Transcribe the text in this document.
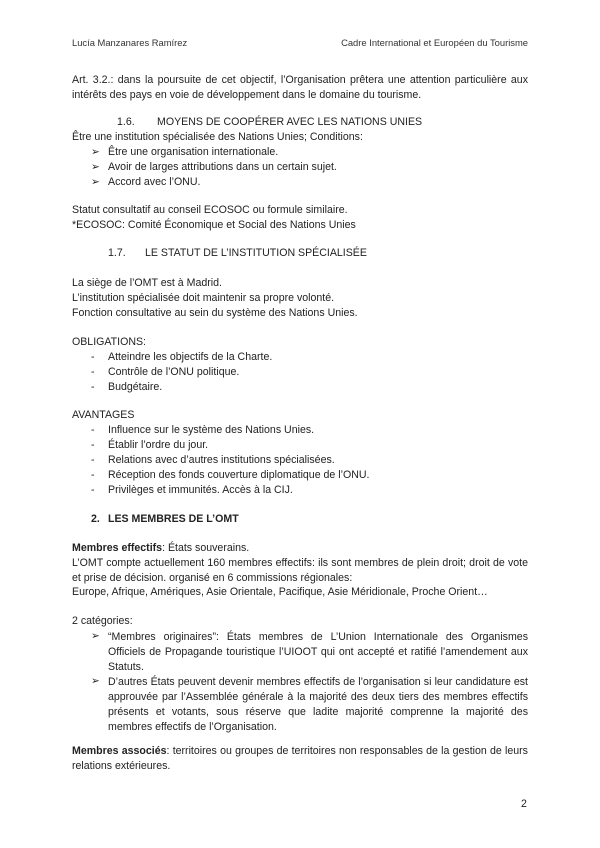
Lucía Manzanares Ramírez	Cadre International et Européen du Tourisme
Art. 3.2.: dans la poursuite de cet objectif, l’Organisation prêtera une attention particulière aux intérêts des pays en voie de développement dans le domaine du tourisme.
1.6. MOYENS DE COOPÉRER AVEC LES NATIONS UNIES
Être une institution spécialisée des Nations Unies; Conditions:
➢ Être une organisation internationale.
➢ Avoir de larges attributions dans un certain sujet.
➢ Accord avec l’ONU.
Statut consultatif au conseil ECOSOC ou formule similaire.
*ECOSOC: Comité Économique et Social des Nations Unies
1.7. LE STATUT DE L’INSTITUTION SPÉCIALISÉE
La siège de l’OMT est à Madrid.
L’institution spécialisée doit maintenir sa propre volonté.
Fonction consultative au sein du système des Nations Unies.
OBLIGATIONS:
- Atteindre les objectifs de la Charte.
- Contrôle de l’ONU politique.
- Budgétaire.
AVANTAGES
- Influence sur le système des Nations Unies.
- Établir l’ordre du jour.
- Relations avec d’autres institutions spécialisées.
- Réception des fonds couverture diplomatique de l’ONU.
- Privilèges et immunités. Accès à la CIJ.
2. LES MEMBRES DE L’OMT
Membres effectifs: États souverains.
L’OMT compte actuellement 160 membres effectifs: ils sont membres de plein droit; droit de vote et prise de décision. organisé en 6 commissions régionales:
Europe, Afrique, Amériques, Asie Orientale, Pacifique, Asie Méridionale, Proche Orient…
2 catégories:
➢ “Membres originaires”: États membres de L’Union Internationale des Organismes Officiels de Propagande touristique l’UIOOT qui ont accepté et ratifié l’amendement aux Statuts.
➢ D’autres États peuvent devenir membres effectifs de l’organisation si leur candidature est approuvée par l’Assemblée générale à la majorité des deux tiers des membres effectifs présents et votants, sous réserve que ladite majorité comprenne la majorité des membres effectifs de l’Organisation.
Membres associés: territoires ou groupes de territoires non responsables de la gestion de leurs relations extérieures.
2
